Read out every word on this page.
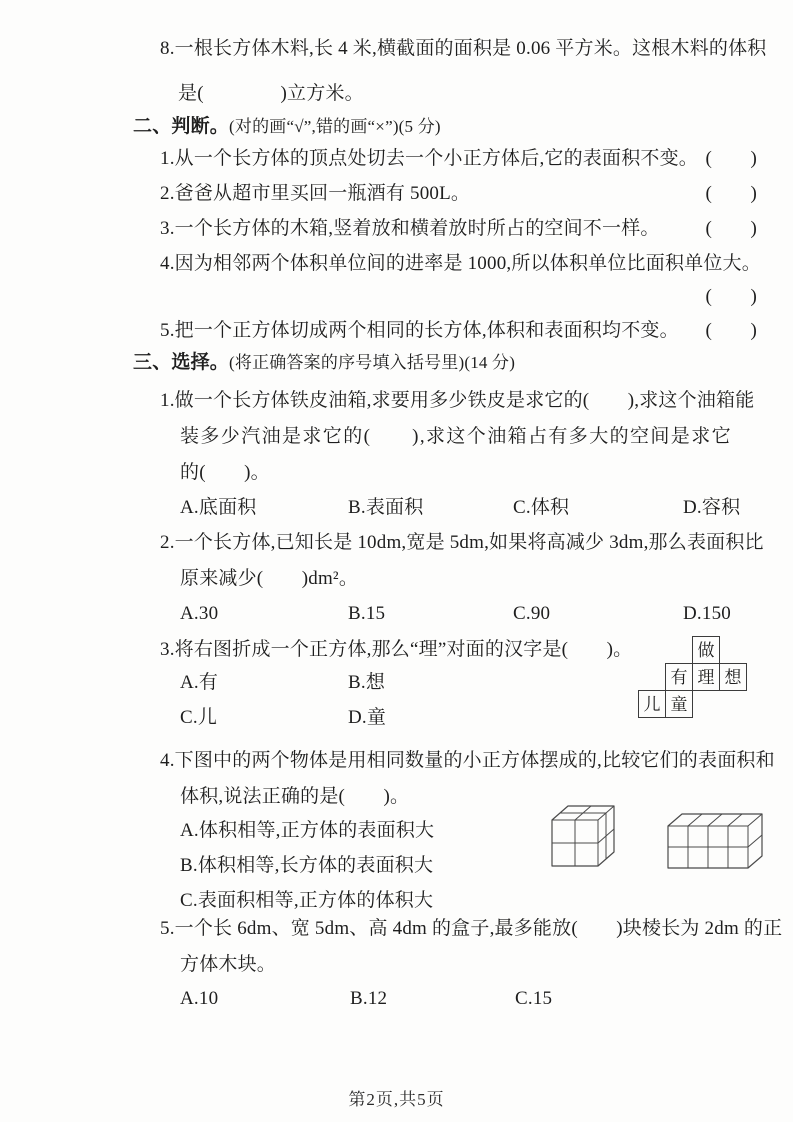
8.一根长方体木料,长 4 米,横截面的面积是 0.06 平方米。这根木料的体积
是(　　　　)立方米。
二、判断。(对的画“√”,错的画“×”)(5 分)
1.从一个长方体的顶点处切去一个小正方体后,它的表面积不变。 (　　)
2.爸爸从超市里买回一瓶酒有 500L。	(　　)
3.一个长方体的木箱,竖着放和横着放时所占的空间不一样。 (　　)
4.因为相邻两个体积单位间的进率是 1000,所以体积单位比面积单位大。
(　　)
5.把一个正方体切成两个相同的长方体,体积和表面积均不变。 (　　)
三、选择。(将正确答案的序号填入括号里)(14 分)
1.做一个长方体铁皮油箱,求要用多少铁皮是求它的(　　),求这个油箱能
装多少汽油是求它的(　　),求这个油箱占有多大的空间是求它
的(　　)。
A.底面积	B.表面积	C.体积	D.容积
2.一个长方体,已知长是 10dm,宽是 5dm,如果将高减少 3dm,那么表面积比
原来减少(　　)dm²。
A.30	B.15	C.90	D.150
3.将右图折成一个正方体,那么“理”对面的汉字是(　　)。
A.有	B.想
C.儿	D.童
做
有 理 想
儿 童
4.下图中的两个物体是用相同数量的小正方体摆成的,比较它们的表面积和
体积,说法正确的是(　　)。
A.体积相等,正方体的表面积大
B.体积相等,长方体的表面积大
C.表面积相等,正方体的体积大
5.一个长 6dm、宽 5dm、高 4dm 的盒子,最多能放(　　)块棱长为 2dm 的正
方体木块。
A.10	B.12	C.15
第2页,共5页
